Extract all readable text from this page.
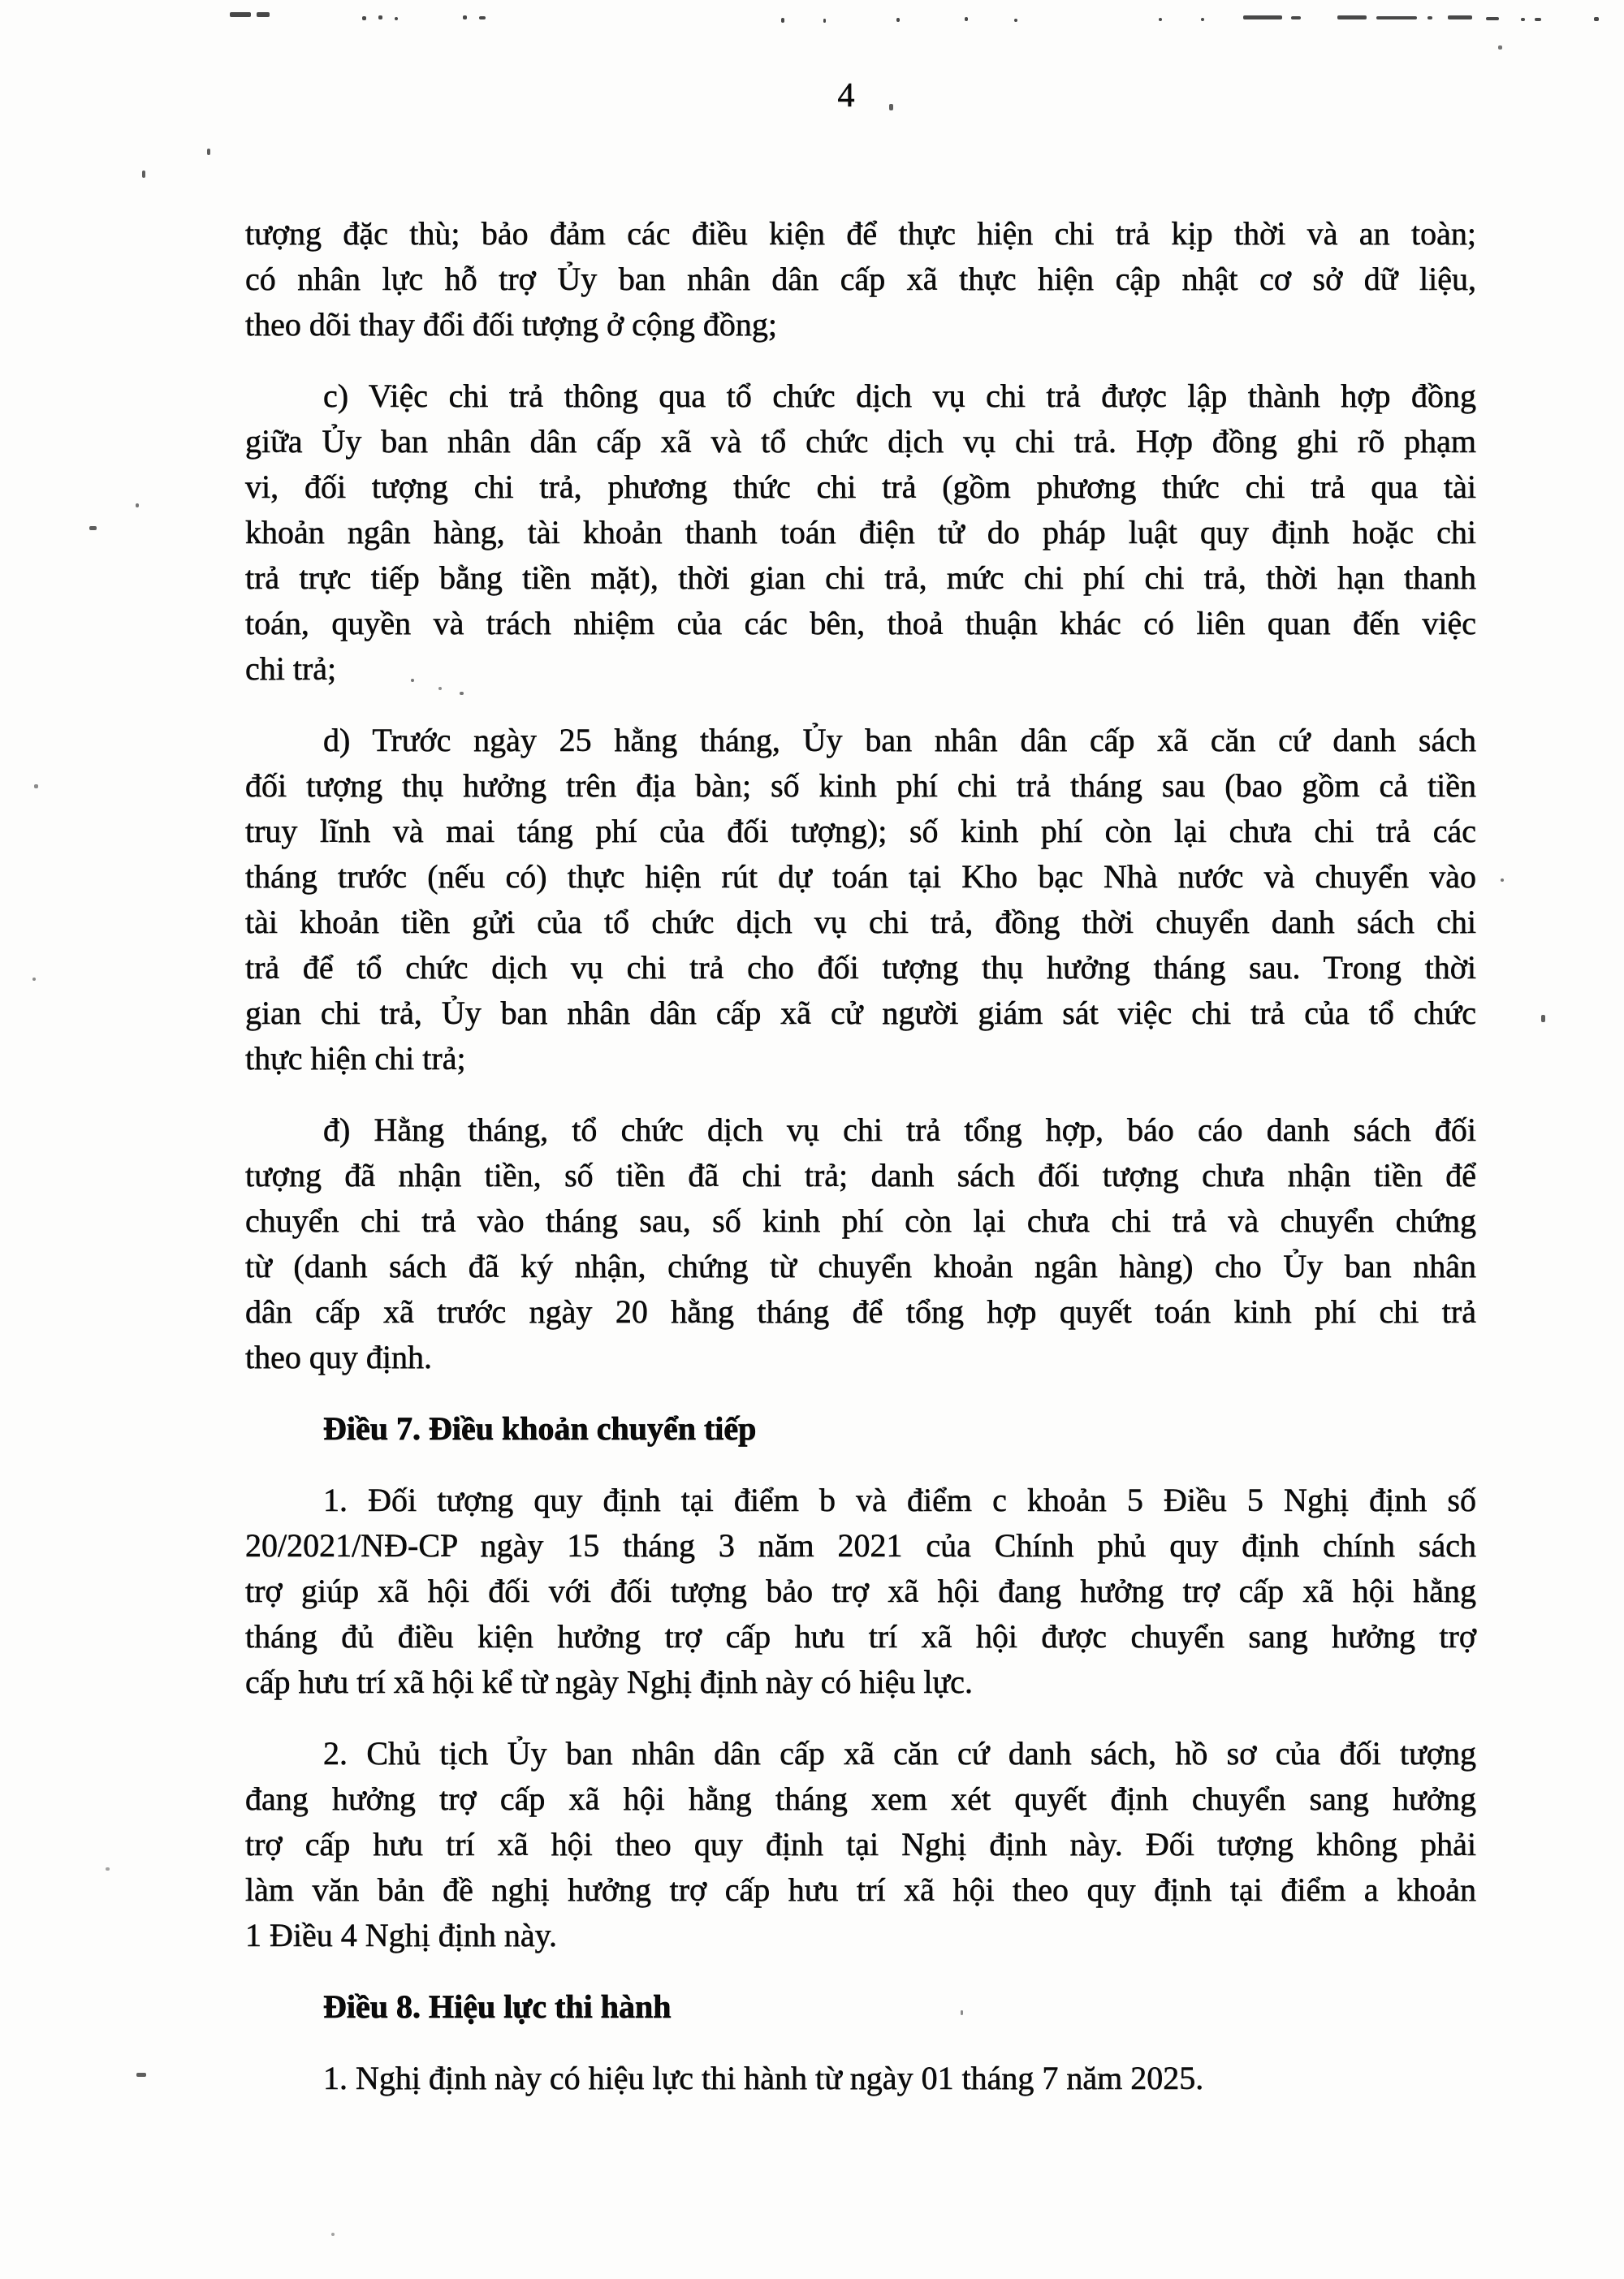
4
tượng đặc thù; bảo đảm các điều kiện để thực hiện chi trả kịp thời và an toàn;
có nhân lực hỗ trợ Ủy ban nhân dân cấp xã thực hiện cập nhật cơ sở dữ liệu,
theo dõi thay đổi đối tượng ở cộng đồng;
c) Việc chi trả thông qua tổ chức dịch vụ chi trả được lập thành hợp đồng
giữa Ủy ban nhân dân cấp xã và tổ chức dịch vụ chi trả. Hợp đồng ghi rõ phạm
vi, đối tượng chi trả, phương thức chi trả (gồm phương thức chi trả qua tài
khoản ngân hàng, tài khoản thanh toán điện tử do pháp luật quy định hoặc chi
trả trực tiếp bằng tiền mặt), thời gian chi trả, mức chi phí chi trả, thời hạn thanh
toán, quyền và trách nhiệm của các bên, thoả thuận khác có liên quan đến việc
chi trả;
d) Trước ngày 25 hằng tháng, Ủy ban nhân dân cấp xã căn cứ danh sách
đối tượng thụ hưởng trên địa bàn; số kinh phí chi trả tháng sau (bao gồm cả tiền
truy lĩnh và mai táng phí của đối tượng); số kinh phí còn lại chưa chi trả các
tháng trước (nếu có) thực hiện rút dự toán tại Kho bạc Nhà nước và chuyển vào
tài khoản tiền gửi của tổ chức dịch vụ chi trả, đồng thời chuyển danh sách chi
trả để tổ chức dịch vụ chi trả cho đối tượng thụ hưởng tháng sau. Trong thời
gian chi trả, Ủy ban nhân dân cấp xã cử người giám sát việc chi trả của tổ chức
thực hiện chi trả;
đ) Hằng tháng, tổ chức dịch vụ chi trả tổng hợp, báo cáo danh sách đối
tượng đã nhận tiền, số tiền đã chi trả; danh sách đối tượng chưa nhận tiền để
chuyển chi trả vào tháng sau, số kinh phí còn lại chưa chi trả và chuyển chứng
từ (danh sách đã ký nhận, chứng từ chuyển khoản ngân hàng) cho Ủy ban nhân
dân cấp xã trước ngày 20 hằng tháng để tổng hợp quyết toán kinh phí chi trả
theo quy định.
Điều 7. Điều khoản chuyển tiếp
1. Đối tượng quy định tại điểm b và điểm c khoản 5 Điều 5 Nghị định số
20/2021/NĐ-CP ngày 15 tháng 3 năm 2021 của Chính phủ quy định chính sách
trợ giúp xã hội đối với đối tượng bảo trợ xã hội đang hưởng trợ cấp xã hội hằng
tháng đủ điều kiện hưởng trợ cấp hưu trí xã hội được chuyển sang hưởng trợ
cấp hưu trí xã hội kể từ ngày Nghị định này có hiệu lực.
2. Chủ tịch Ủy ban nhân dân cấp xã căn cứ danh sách, hồ sơ của đối tượng
đang hưởng trợ cấp xã hội hằng tháng xem xét quyết định chuyển sang hưởng
trợ cấp hưu trí xã hội theo quy định tại Nghị định này. Đối tượng không phải
làm văn bản đề nghị hưởng trợ cấp hưu trí xã hội theo quy định tại điểm a khoản
1 Điều 4 Nghị định này.
Điều 8. Hiệu lực thi hành
1. Nghị định này có hiệu lực thi hành từ ngày 01 tháng 7 năm 2025.
